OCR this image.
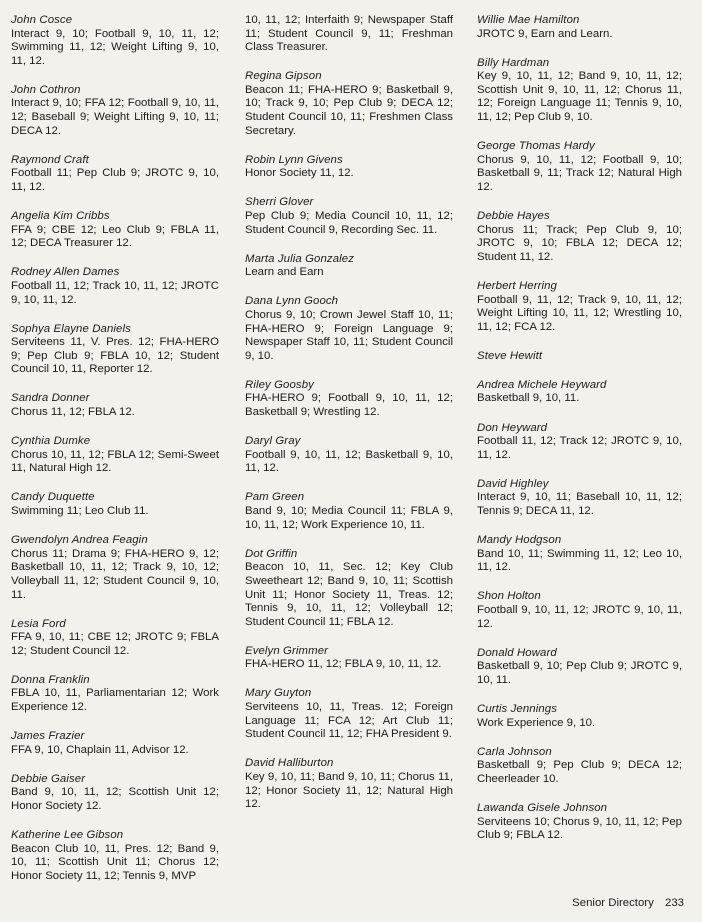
John Cosce
Interact 9, 10; Football 9, 10, 11, 12; Swimming 11, 12; Weight Lifting 9, 10, 11, 12.
John Cothron
Interact 9, 10; FFA 12; Football 9, 10, 11, 12; Baseball 9; Weight Lifting 9, 10, 11; DECA 12.
Raymond Craft
Football 11; Pep Club 9; JROTC 9, 10, 11, 12.
Angelia Kim Cribbs
FFA 9; CBE 12; Leo Club 9; FBLA 11, 12; DECA Treasurer 12.
Rodney Allen Dames
Football 11, 12; Track 10, 11, 12; JROTC 9, 10, 11, 12.
Sophya Elayne Daniels
Serviteens 11, V. Pres. 12; FHA-HERO 9; Pep Club 9; FBLA 10, 12; Student Council 10, 11, Reporter 12.
Sandra Donner
Chorus 11, 12; FBLA 12.
Cynthia Dumke
Chorus 10, 11, 12; FBLA 12; Semi-Sweet 11, Natural High 12.
Candy Duquette
Swimming 11; Leo Club 11.
Gwendolyn Andrea Feagin
Chorus 11; Drama 9; FHA-HERO 9, 12; Basketball 10, 11, 12; Track 9, 10, 12; Volleyball 11, 12; Student Council 9, 10, 11.
Lesia Ford
FFA 9, 10, 11; CBE 12; JROTC 9; FBLA 12; Student Council 12.
Donna Franklin
FBLA 10, 11, Parliamentarian 12; Work Experience 12.
James Frazier
FFA 9, 10, Chaplain 11, Advisor 12.
Debbie Gaiser
Band 9, 10, 11, 12; Scottish Unit 12; Honor Society 12.
Katherine Lee Gibson
Beacon Club 10, 11, Pres. 12; Band 9, 10, 11; Scottish Unit 11; Chorus 12; Honor Society 11, 12; Tennis 9, MVP
10, 11, 12; Interfaith 9; Newspaper Staff 11; Student Council 9, 11; Freshman Class Treasurer.
Regina Gipson
Beacon 11; FHA-HERO 9; Basketball 9, 10; Track 9, 10; Pep Club 9; DECA 12; Student Council 10, 11; Freshmen Class Secretary.
Robin Lynn Givens
Honor Society 11, 12.
Sherri Glover
Pep Club 9; Media Council 10, 11, 12; Student Council 9, Recording Sec. 11.
Marta Julia Gonzalez
Learn and Earn
Dana Lynn Gooch
Chorus 9, 10; Crown Jewel Staff 10, 11; FHA-HERO 9; Foreign Language 9; Newspaper Staff 10, 11; Student Council 9, 10.
Riley Goosby
FHA-HERO 9; Football 9, 10, 11, 12; Basketball 9; Wrestling 12.
Daryl Gray
Football 9, 10, 11, 12; Basketball 9, 10, 11, 12.
Pam Green
Band 9, 10; Media Council 11; FBLA 9, 10, 11, 12; Work Experience 10, 11.
Dot Griffin
Beacon 10, 11, Sec. 12; Key Club Sweetheart 12; Band 9, 10, 11; Scottish Unit 11; Honor Society 11, Treas. 12; Tennis 9, 10, 11, 12; Volleyball 12; Student Council 11; FBLA 12.
Evelyn Grimmer
FHA-HERO 11, 12; FBLA 9, 10, 11, 12.
Mary Guyton
Serviteens 10, 11, Treas. 12; Foreign Language 11; FCA 12; Art Club 11; Student Council 11, 12; FHA President 9.
David Halliburton
Key 9, 10, 11; Band 9, 10, 11; Chorus 11, 12; Honor Society 11, 12; Natural High 12.
Willie Mae Hamilton
JROTC 9, Earn and Learn.
Billy Hardman
Key 9, 10, 11, 12; Band 9, 10, 11, 12; Scottish Unit 9, 10, 11, 12; Chorus 11, 12; Foreign Language 11; Tennis 9, 10, 11, 12; Pep Club 9, 10.
George Thomas Hardy
Chorus 9, 10, 11, 12; Football 9, 10; Basketball 9, 11; Track 12; Natural High 12.
Debbie Hayes
Chorus 11; Track; Pep Club 9, 10; JROTC 9, 10; FBLA 12; DECA 12; Student 11, 12.
Herbert Herring
Football 9, 11, 12; Track 9, 10, 11, 12; Weight Lifting 10, 11, 12; Wrestling 10, 11, 12; FCA 12.
Steve Hewitt
Andrea Michele Heyward
Basketball 9, 10, 11.
Don Heyward
Football 11, 12; Track 12; JROTC 9, 10, 11, 12.
David Highley
Interact 9, 10, 11; Baseball 10, 11, 12; Tennis 9; DECA 11, 12.
Mandy Hodgson
Band 10, 11; Swimming 11, 12; Leo 10, 11, 12.
Shon Holton
Football 9, 10, 11, 12; JROTC 9, 10, 11, 12.
Donald Howard
Basketball 9, 10; Pep Club 9; JROTC 9, 10, 11.
Curtis Jennings
Work Experience 9, 10.
Carla Johnson
Basketball 9; Pep Club 9; DECA 12; Cheerleader 10.
Lawanda Gisele Johnson
Serviteens 10; Chorus 9, 10, 11, 12; Pep Club 9; FBLA 12.
Senior Directory 233
